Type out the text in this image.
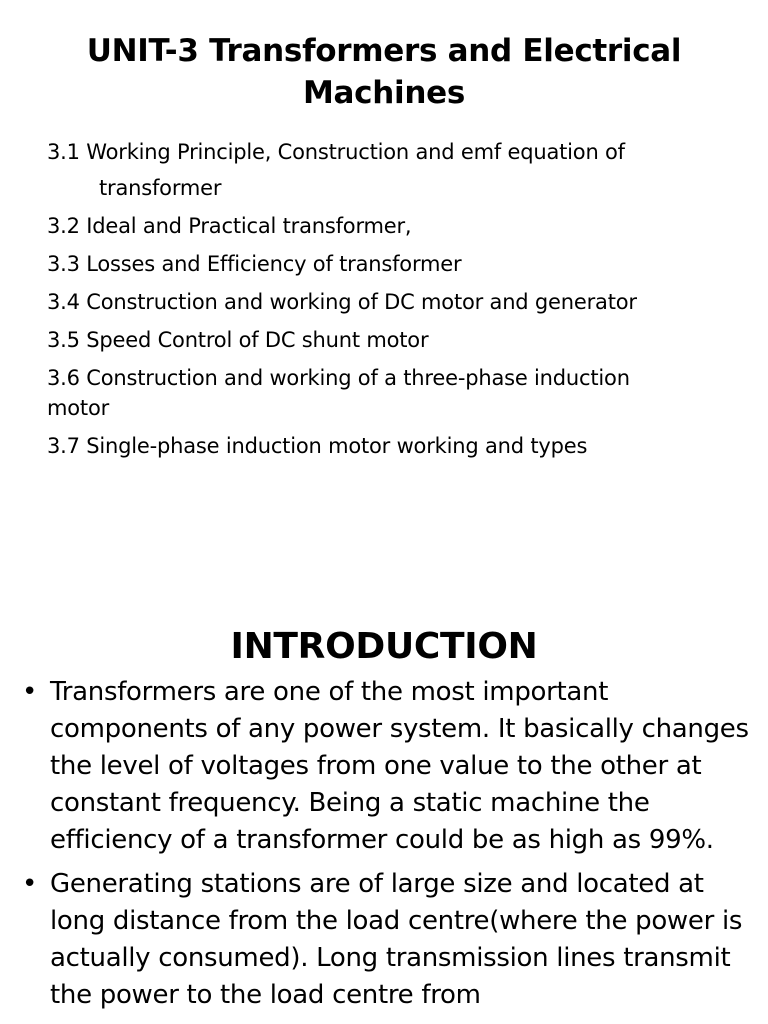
UNIT-3 Transformers and Electrical
Machines
3.1 Working Principle, Construction and emf equation of
transformer
3.2 Ideal and Practical transformer,
3.3 Losses and Efficiency of transformer
3.4 Construction and working of DC motor and generator
3.5 Speed Control of DC shunt motor
3.6 Construction and working of a three-phase induction
motor
3.7 Single-phase induction motor working and types
INTRODUCTION
• Transformers are one of the most important components of any power system. It basically changes the level of voltages from one value to the other at constant frequency. Being a static machine the efficiency of a transformer could be as high as 99%.
• Generating stations are of large size and located at long distance from the load centre(where the power is actually consumed). Long transmission lines transmit the power to the load centre from
